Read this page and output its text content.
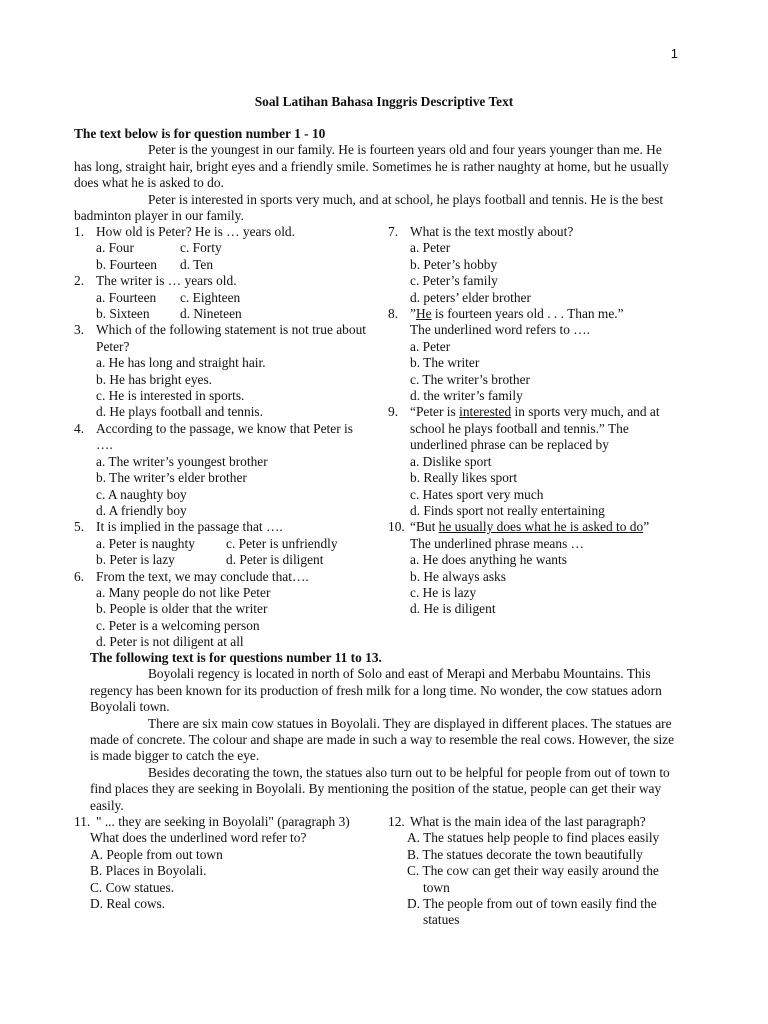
1
Soal Latihan Bahasa Inggris Descriptive Text

The text below is for question number 1 - 10

Peter is the youngest in our family. He is fourteen years old and four years younger than me. He has long, straight hair, bright eyes and a friendly smile. Sometimes he is rather naughty at home, but he usually does what he is asked to do.

Peter is interested in sports very much, and at school, he plays football and tennis. He is the best badminton player in our family.

1. How old is Peter? He is … years old.
a. Four	c. Forty
b. Fourteen	d. Ten
2. The writer is … years old.
a. Fourteen	c. Eighteen
b. Sixteen	d. Nineteen
3. Which of the following statement is not true about Peter?
a. He has long and straight hair.
b. He has bright eyes.
c. He is interested in sports.
d. He plays football and tennis.
4. According to the passage, we know that Peter is ….
a. The writer’s youngest brother
b. The writer’s elder brother
c. A naughty boy
d. A friendly boy
5. It is implied in the passage that ….
a. Peter is naughty	c. Peter is unfriendly
b. Peter is lazy	d. Peter is diligent
6. From the text, we may conclude that….
a. Many people do not like Peter
b. People is older that the writer
c. Peter is a welcoming person
d. Peter is not diligent at all
7. What is the text mostly about?
a. Peter
b. Peter’s hobby
c. Peter’s family
d. peters’ elder brother
8. ”He is fourteen years old . . . Than me.”
The underlined word refers to ….
a. Peter
b. The writer
c. The writer’s brother
d. the writer’s family
9. “Peter is interested in sports very much, and at school he plays football and tennis.” The underlined phrase can be replaced by
a. Dislike sport
b. Really likes sport
c. Hates sport very much
d. Finds sport not really entertaining
10. “But he usually does what he is asked to do”
The underlined phrase means …
a. He does anything he wants
b. He always asks
c. He is lazy
d. He is diligent

The following text is for questions number 11 to 13.

Boyolali regency is located in north of Solo and east of Merapi and Merbabu Mountains. This regency has been known for its production of fresh milk for a long time. No wonder, the cow statues adorn Boyolali town.

There are six main cow statues in Boyolali. They are displayed in different places. The statues are made of concrete. The colour and shape are made in such a way to resemble the real cows. However, the size is made bigger to catch the eye.

Besides decorating the town, the statues also turn out to be helpful for people from out of town to find places they are seeking in Boyolali. By mentioning the position of the statue, people can get their way easily.

11. " ... they are seeking in Boyolali" (paragraph 3)
What does the underlined word refer to?
A. People from out town
B. Places in Boyolali.
C. Cow statues.
D. Real cows.
12. What is the main idea of the last paragraph?
A. The statues help people to find places easily
B. The statues decorate the town beautifully
C. The cow can get their way easily around the town
D. The people from out of town easily find the statues
